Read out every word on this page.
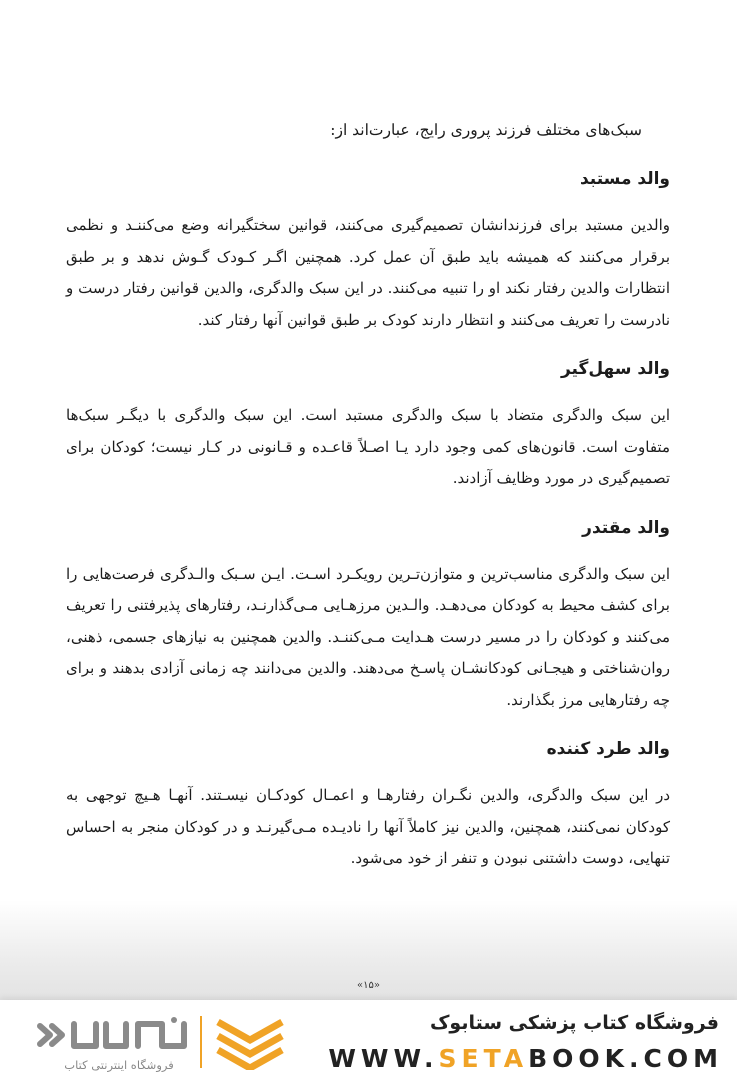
سبک‌های مختلف فرزند پروری رایج، عبارت‌اند از:

والد مستبد

والدین مستبد برای فرزندانشان تصمیم‌گیری می‌کنند، قوانین سختگیرانه وضع می‌کننـد و نظمی برقرار می‌کنند که همیشه باید طبق آن عمل کرد. همچنین اگـر کـودک گـوش ندهد و بر طبق انتظارات والدین رفتار نکند او را تنبیه می‌کنند. در این سبک والدگری، والدین قوانین رفتار درست و نادرست را تعریف می‌کنند و انتظار دارند کودک بر طبق قوانین آنها رفتار کند.

والد سهل‌گیر

این سبک والدگری متضاد با سبک والدگری مستبد است. این سبک والدگری با دیگـر سبک‌ها متفاوت است. قانون‌های کمی وجود دارد یـا اصـلاً قاعـده و قـانونی در کـار نیست؛ کودکان برای تصمیم‌گیری در مورد وظایف آزادند.

والد مقتدر

این سبک والدگری مناسب‌ترین و متوازن‌تـرین رویکـرد اسـت. ایـن سـبک والـدگری فرصت‌هایی را برای کشف محیط به کودکان می‌دهـد. والـدین مرزهـایی مـی‌گذارنـد، رفتارهای پذیرفتنی را تعریف می‌کنند و کودکان را در مسیر درست هـدایت مـی‌کننـد. والدین همچنین به نیازهای جسمی، ذهنی، روان‌شناختی و هیجـانی کودکانشـان پاسـخ می‌دهند. والدین می‌دانند چه زمانی آزادی بدهند و برای چه رفتارهایی مرز بگذارند.

والد طرد کننده

در این سبک والدگری، والدین نگـران رفتارهـا و اعمـال کودکـان نیسـتند. آنهـا هـیچ توجهی به کودکان نمی‌کنند، همچنین، والدین نیز کاملاً آنها را نادیـده مـی‌گیرنـد و در کودکان منجر به احساس تنهایی، دوست داشتنی نبودن و تنفر از خود می‌شود.

«۱۵»
فروشگاه اینترنتی کتاب
فروشگاه کتاب پزشکی ستابوک
WWW.SETABOOK.COM
